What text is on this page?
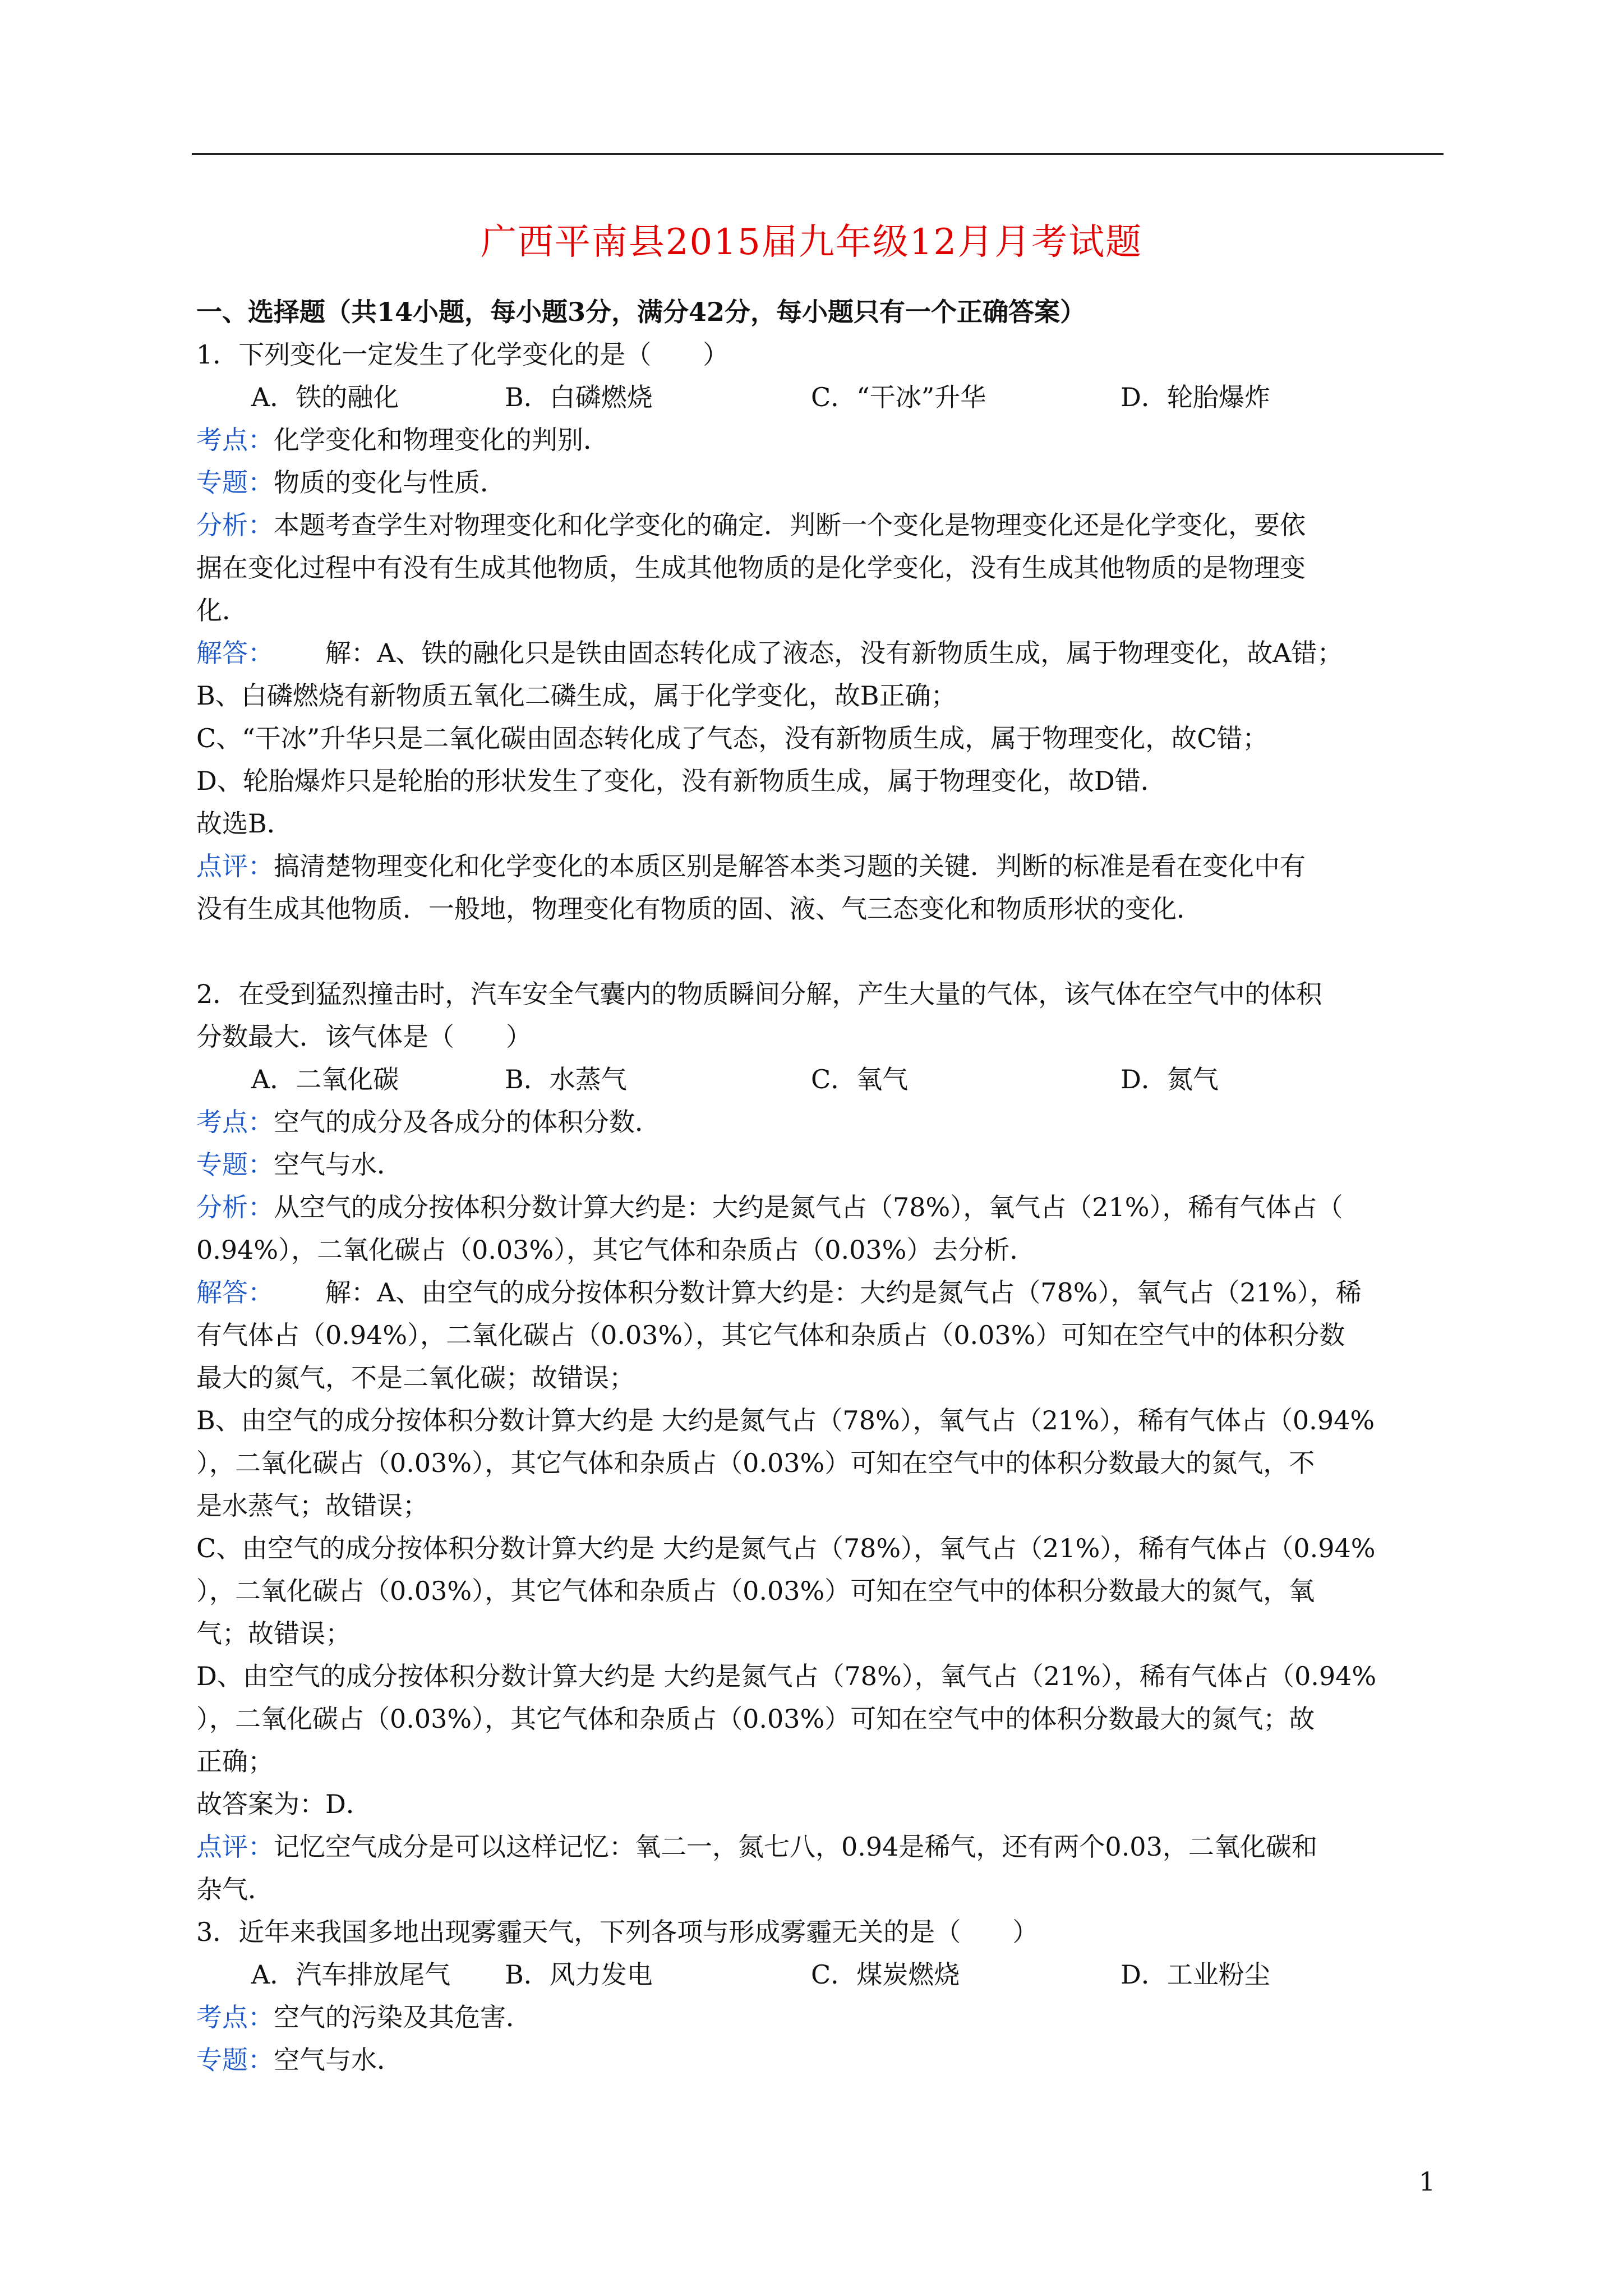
广西平南县2015届九年级12月月考试题
一、选择题（共14小题，每小题3分，满分42分，每小题只有一个正确答案）
1．下列变化一定发生了化学变化的是（　　）
A．铁的融化	B．白磷燃烧	C．“干冰”升华	D．轮胎爆炸
考点：化学变化和物理变化的判别．
专题：物质的变化与性质．
分析：本题考查学生对物理变化和化学变化的确定．判断一个变化是物理变化还是化学变化，要依
据在变化过程中有没有生成其他物质，生成其他物质的是化学变化，没有生成其他物质的是物理变
化．
解答： 解：A、铁的融化只是铁由固态转化成了液态，没有新物质生成，属于物理变化，故A错；
B、白磷燃烧有新物质五氧化二磷生成，属于化学变化，故B正确；
C、“干冰”升华只是二氧化碳由固态转化成了气态，没有新物质生成，属于物理变化，故C错；
D、轮胎爆炸只是轮胎的形状发生了变化，没有新物质生成，属于物理变化，故D错．
故选B．
点评：搞清楚物理变化和化学变化的本质区别是解答本类习题的关键．判断的标准是看在变化中有
没有生成其他物质．一般地，物理变化有物质的固、液、气三态变化和物质形状的变化．
2．在受到猛烈撞击时，汽车安全气囊内的物质瞬间分解，产生大量的气体，该气体在空气中的体积
分数最大．该气体是（　　）
A．二氧化碳	B．水蒸气	C．氧气	D．氮气
考点：空气的成分及各成分的体积分数．
专题：空气与水．
分析：从空气的成分按体积分数计算大约是：大约是氮气占（78%），氧气占（21%），稀有气体占（
0.94%），二氧化碳占（0.03%），其它气体和杂质占（0.03%）去分析．
解答： 解：A、由空气的成分按体积分数计算大约是：大约是氮气占（78%），氧气占（21%），稀
有气体占（0.94%），二氧化碳占（0.03%），其它气体和杂质占（0.03%）可知在空气中的体积分数
最大的氮气，不是二氧化碳；故错误；
B、由空气的成分按体积分数计算大约是 大约是氮气占（78%），氧气占（21%），稀有气体占（0.94%
），二氧化碳占（0.03%），其它气体和杂质占（0.03%）可知在空气中的体积分数最大的氮气，不
是水蒸气；故错误；
C、由空气的成分按体积分数计算大约是 大约是氮气占（78%），氧气占（21%），稀有气体占（0.94%
），二氧化碳占（0.03%），其它气体和杂质占（0.03%）可知在空气中的体积分数最大的氮气，氧
气；故错误；
D、由空气的成分按体积分数计算大约是 大约是氮气占（78%），氧气占（21%），稀有气体占（0.94%
），二氧化碳占（0.03%），其它气体和杂质占（0.03%）可知在空气中的体积分数最大的氮气；故
正确；
故答案为：D．
点评：记忆空气成分是可以这样记忆：氧二一，氮七八，0.94是稀气，还有两个0.03，二氧化碳和
杂气．
3．近年来我国多地出现雾霾天气，下列各项与形成雾霾无关的是（　　）
A．汽车排放尾气	B．风力发电	C．煤炭燃烧	D．工业粉尘
考点：空气的污染及其危害．
专题：空气与水．
1
